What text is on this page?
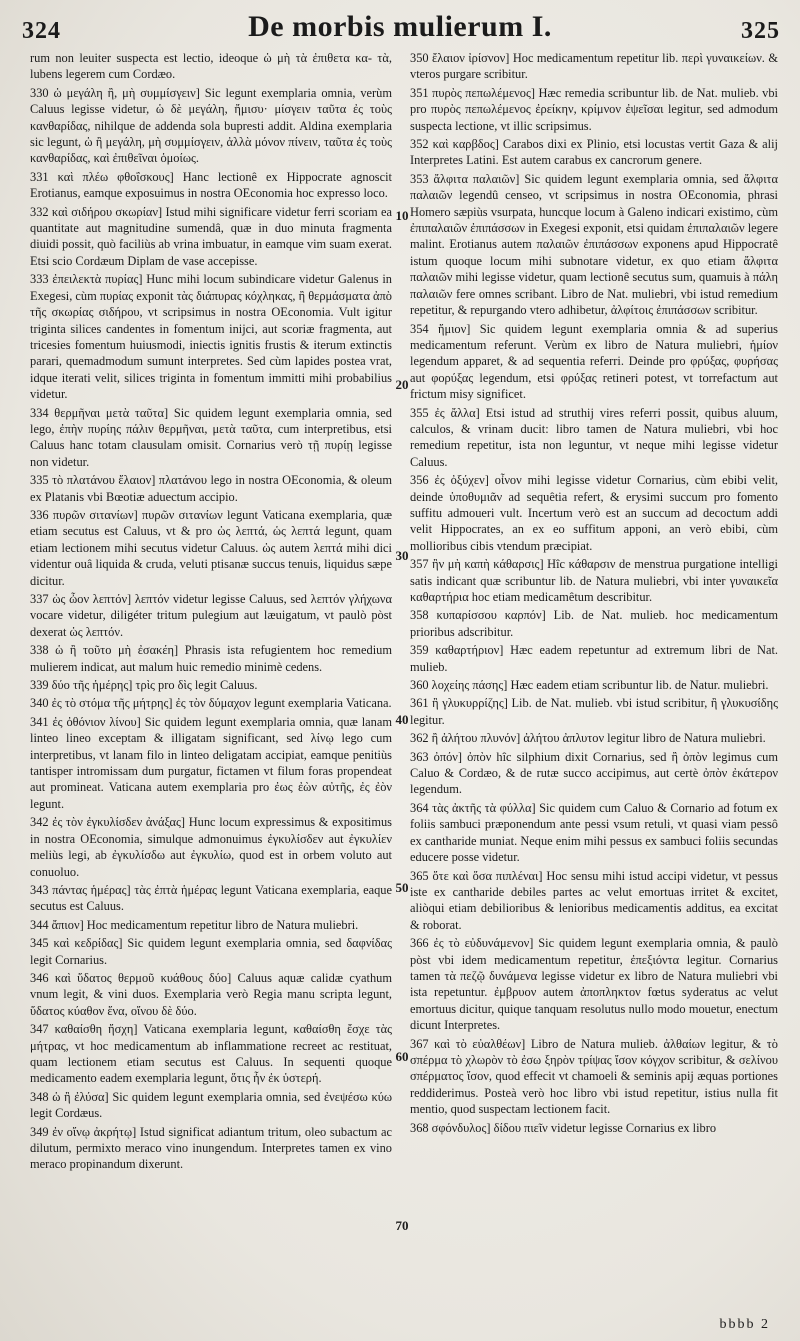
324	De morbis mulierum I.	325

rum non leuiter suspecta est lectio, ideoque ὡ μὴ τὰ ἐπιθετα κα- τὰ, lubens legerem cum Cordæo.

330 ὡ μεγάλη ἢ, μὴ συμμίσγειν] Sic legunt exemplaria omnia, verùm Caluus legisse videtur, ὡ δὲ μεγάλη, ἤμισυ· μίσγειν ταῦτα ἐς τοὺς κανθαρίδας, nihilque de addenda sola bupresti addit. Aldina exemplaria sic legunt, ὡ ἢ μεγάλη, μὴ συμμίσγειν, ἀλλὰ μόνον πίνειν, ταῦτα ἐς τοὺς κανθαρίδας, καὶ ἐπιθεῖναι ὁμοίως.

331 καὶ πλέω φθοΐσκους] Hanc lectionê ex Hippocrate agnoscit Erotianus, eamque exposuimus in nostra OEconomia hoc expresso loco.

332 καὶ σιδήρου σκωρίαν] Istud mihi significare videtur ferri scoriam ea quantitate aut magnitudine sumendâ, quæ in duo minuta fragmenta diuidi possit, quò faciliùs ab vrina imbuatur, in eamque vim suam exerat. Etsi scio Cordæum Diplam de vase accepisse.

333 ἐπειλεκτὰ πυρίας] Hunc mihi locum subindicare videtur Galenus in Exegesi, cùm πυρίας exponit τὰς διάπυρας κόχληκας, ἢ θερμάσματα ἀπὸ τῆς σκωρίας σιδήρου, vt scripsimus in nostra OEconomia. Vult igitur triginta silices candentes in fomentum inijci, aut scoriæ fragmenta, aut tricesies fomentum huiusmodi, iniectis ignitis frustis & iterum extinctis parari, quemadmodum sumunt interpretes. Sed cùm lapides postea vrat, idque iterati velit, silices triginta in fomentum immitti mihi probabilius videtur.

334 θερμῆναι μετὰ ταῦτα] Sic quidem legunt exemplaria omnia, sed lego, ἐπὴν πυρίης πάλιν θερμῆναι, μετὰ ταῦτα, cum interpretibus, etsi Caluus hanc totam clausulam omisit. Cornarius verò τῇ πυρίῃ legisse non videtur.

335 τὸ πλατάνου ἔλαιον] πλατάνου lego in nostra OEconomia, & oleum ex Platanis vbi Bœotiæ aduectum accipio.

336 πυρῶν σιτανίων] πυρῶν σιτανίων legunt Vaticana exemplaria, quæ etiam secutus est Caluus, vt & pro ὡς λεπτά, ὡς λεπτά legunt, quam etiam lectionem mihi secutus videtur Caluus. ὡς autem λεπτά mihi dici videntur ouâ liquida & cruda, veluti ptisanæ succus tenuis, liquidus sæpe dicitur.

337 ὡς ὦον λεπτόν] λεπτόν videtur legisse Caluus, sed λεπτόν γλήχωνα vocare videtur, diligéter tritum pulegium aut læuigatum, vt paulò pòst dexerat ὡς λεπτόν.

338 ὡ ἢ τοῦτο μὴ ἐσακέη] Phrasis ista refugientem hoc remedium mulierem indicat, aut malum huic remedio minimè cedens.

339 δύο τῆς ἡμέρης] τρὶς pro δὶς legit Caluus.

340 ἐς τὸ στόμα τῆς μήτρης] ἐς τὸν δύμαχον legunt exemplaria Vaticana.

341 ἐς ὀθόνιον λίνου] Sic quidem legunt exemplaria omnia, quæ lanam linteo lineo exceptam & illigatam significant, sed λίνῳ lego cum interpretibus, vt lanam filo in linteo deligatam accipiat, eamque penitiùs tantisper intromissam dum purgatur, fictamen vt filum foras propendeat aut promineat. Vaticana autem exemplaria pro ἐως ἐὼν αὐτῆς, ἐς ἐὸν legunt.

342 ἐς τὸν ἐγκυλίσδεν ἀνάξας] Hunc locum expressimus & expositimus in nostra OEconomia, simulque admonuimus ἐγκυλίσδεν aut ἐγκυλίεν meliùs legi, ab ἐγκυλίσδω aut ἐγκυλίω, quod est in orbem voluto aut conuoluo.

343 πάντας ἡμέρας] τὰς ἐπτὰ ἡμέρας legunt Vaticana exemplaria, eaque secutus est Caluus.

344 ἄπιον] Hoc medicamentum repetitur libro de Natura muliebri.

345 καὶ κεδρίδας] Sic quidem legunt exemplaria omnia, sed δαφνίδας legit Cornarius.

346 καὶ ὕδατος θερμοῦ κυάθους δύο] Caluus aquæ calidæ cyathum vnum legit, & vini duos. Exemplaria verò Regia manu scripta legunt, ὕδατος κύαθον ἕνα, οἴνου δὲ δύο.

347 καθαίσθη ἤσχη] Vaticana exemplaria legunt, καθαίσθη ἔσχε τὰς μήτρας, vt hoc medicamentum ab inflammatione recreet ac restituat, quam lectionem etiam secutus est Caluus. In sequenti quoque medicamento eadem exemplaria legunt, ὅτις ἦν ἐκ ὑστερή.

348 ὡ ἢ ἐλύσα] Sic quidem legunt exemplaria omnia, sed ἐνεψέσω κύω legit Cordæus.

349 ἐν οἴνῳ ἀκρήτῳ] Istud significat adiantum tritum, oleo subactum ac dilutum, permixto meraco vino inungendum. Interpretes tamen ex vino meraco propinandum dixerunt.

350 ἔλαιον ἰρίσνον] Hoc medicamentum repetitur lib. περὶ γυναικείων. & vteros purgare scribitur.

351 πυρὸς πεπωλέμενος] Hæc remedia scribuntur lib. de Nat. mulieb. vbi pro πυρὸς πεπωλέμενος ἐρείκην, κρίμνον ἐψεῖσαι legitur, sed admodum suspecta lectione, vt illic scripsimus.

352 καὶ καρβδος] Carabos dixi ex Plinio, etsi locustas vertit Gaza & alij Interpretes Latini. Est autem carabus ex cancrorum genere.

353 ἄλφιτα παλαιῶν] Sic quidem legunt exemplaria omnia, sed ἄλφιτα παλαιῶν legendû censeo, vt scripsimus in nostra OEconomia, phrasi Homero sæpiùs vsurpata, huncque locum à Galeno indicari existimo, cùm ἐπιπαλαιῶν ἐπιπάσσων in Exegesi exponit, etsi quidam ἐπιπαλαιῶν legere malint. Erotianus autem παλαιῶν ἐπιπάσσων exponens apud Hippocratê istum quoque locum mihi subnotare videtur, ex quo etiam ἄλφιτα παλαιῶν mihi legisse videtur, quam lectionê secutus sum, quamuis à πάλη παλαιῶν fere omnes scribant. Libro de Nat. muliebri, vbi istud remedium repetitur, & repurgando vtero adhibetur, ἀλφίτοις ἐπιπάσσων scribitur.

354 ἥμιον] Sic quidem legunt exemplaria omnia & ad superius medicamentum referunt. Verùm ex libro de Natura muliebri, ἡμίον legendum apparet, & ad sequentia referri. Deinde pro φρύξας, φυρήσας aut φορύξας legendum, etsi φρύξας retineri potest, vt torrefactum aut frictum misy significet.

355 ἐς ἄλλα] Etsi istud ad struthij vires referri possit, quibus aluum, calculos, & vrinam ducit: libro tamen de Natura muliebri, vbi hoc remedium repetitur, ista non leguntur, vt neque mihi legisse videtur Caluus.

356 ἐς ὀξύχεν] οἶνον mihi legisse videtur Cornarius, cùm ebibi velit, deinde ὑποθυμιᾶν ad sequêtia refert, & erysimi succum pro fomento suffitu admoueri vult. Incertum verò est an succum ad decoctum addi velit Hippocrates, an ex eo suffitum apponi, an verò ebibi, cùm mollioribus cibis vtendum præcipiat.

357 ἢν μὴ καπὴ κάθαρσις] Hîc κάθαρσιν de menstrua purgatione intelligi satis indicant quæ scribuntur lib. de Natura muliebri, vbi inter γυναικεῖα καθαρτήρια hoc etiam medicamêtum describitur.

358 κυπαρίσσου καρπόν] Lib. de Nat. mulieb. hoc medicamentum prioribus adscribitur.

359 καθαρτήριον] Hæc eadem repetuntur ad extremum libri de Nat. mulieb.

360 λοχείης πάσης] Hæc eadem etiam scribuntur lib. de Natur. muliebri.

361 ἢ γλυκυρρίζης] Lib. de Nat. mulieb. vbi istud scribitur, ἢ γλυκυσίδης legitur.

362 ἢ ἀλήτου πλυνόν] ἀλήτου ἀπλυτον legitur libro de Natura muliebri.

363 ὀπόν] ὀπὸν hîc silphium dixit Cornarius, sed ἢ ὀπὸν legimus cum Caluo & Cordæo, & de rutæ succo accipimus, aut certè ὀπὸν ἐκάτερον legendum.

364 τὰς ἀκτῆς τὰ φύλλα] Sic quidem cum Caluo & Cornario ad fotum ex foliis sambuci præponendum ante pessi vsum retuli, vt quasi viam pessô ex cantharide muniat. Neque enim mihi pessus ex sambuci foliis secundas educere posse videtur.

365 ὅτε καὶ ὅσα πιπλέναι] Hoc sensu mihi istud accipi videtur, vt pessus iste ex cantharide debiles partes ac velut emortuas irritet & excitet, aliòqui etiam debilioribus & lenioribus medicamentis additus, ea excitat & roborat.

366 ἐς τὸ εὐδυνάμενον] Sic quidem legunt exemplaria omnia, & paulò pòst vbi idem medicamentum repetitur, ἐπεξιόντα legitur. Cornarius tamen τὰ πεζῷ δυνάμενα legisse videtur ex libro de Natura muliebri vbi ista repetuntur. ἐμβρυον autem ἀποπληκτον fœtus syderatus ac velut emortuus dicitur, quique tanquam resolutus nullo modo mouetur, enectum dicunt Interpretes.

367 καὶ τὸ εὐαλθέων] Libro de Natura mulieb. ἀλθαίων legitur, & τὸ σπέρμα τὸ χλωρὸν τὸ ἐσω ξηρὸν τρίψας ἴσον κόγχον scribitur, & σελίνου σπέρματος ἴσον, quod effecit vt chamoeli & seminis apij æquas portiones reddiderimus. Posteà verò hoc libro vbi istud repetitur, istius nulla fit mentio, quod suspectam lectionem facit.

368 σφόνδυλος] δίδου πιεῖν videtur legisse Cornarius ex libro

10
20
30
40
50
60
70
bbbb 2
